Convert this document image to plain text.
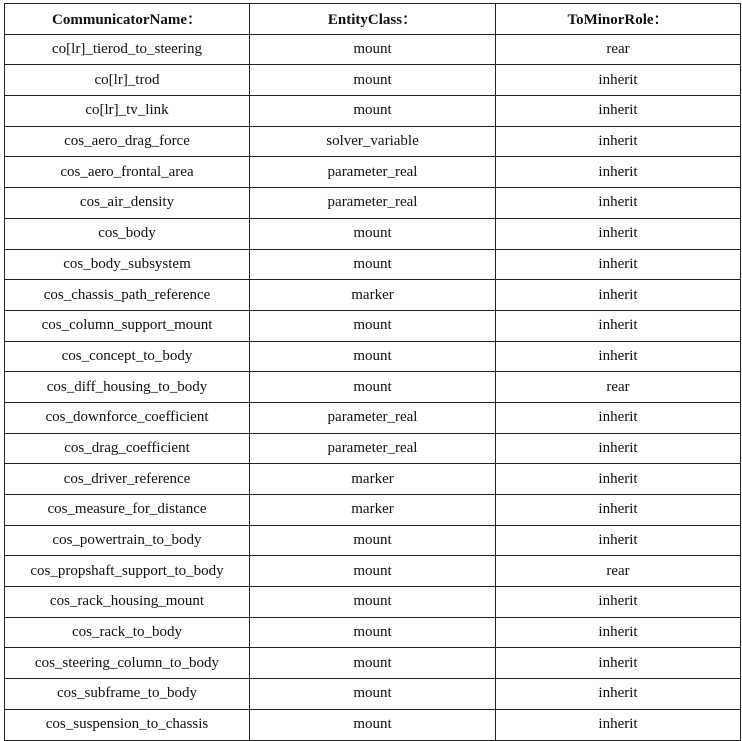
CommunicatorName：	EntityClass：	ToMinorRole：
co[lr]_tierod_to_steering	mount	rear
co[lr]_trod	mount	inherit
co[lr]_tv_link	mount	inherit
cos_aero_drag_force	solver_variable	inherit
cos_aero_frontal_area	parameter_real	inherit
cos_air_density	parameter_real	inherit
cos_body	mount	inherit
cos_body_subsystem	mount	inherit
cos_chassis_path_reference	marker	inherit
cos_column_support_mount	mount	inherit
cos_concept_to_body	mount	inherit
cos_diff_housing_to_body	mount	rear
cos_downforce_coefficient	parameter_real	inherit
cos_drag_coefficient	parameter_real	inherit
cos_driver_reference	marker	inherit
cos_measure_for_distance	marker	inherit
cos_powertrain_to_body	mount	inherit
cos_propshaft_support_to_body	mount	rear
cos_rack_housing_mount	mount	inherit
cos_rack_to_body	mount	inherit
cos_steering_column_to_body	mount	inherit
cos_subframe_to_body	mount	inherit
cos_suspension_to_chassis	mount	inherit
